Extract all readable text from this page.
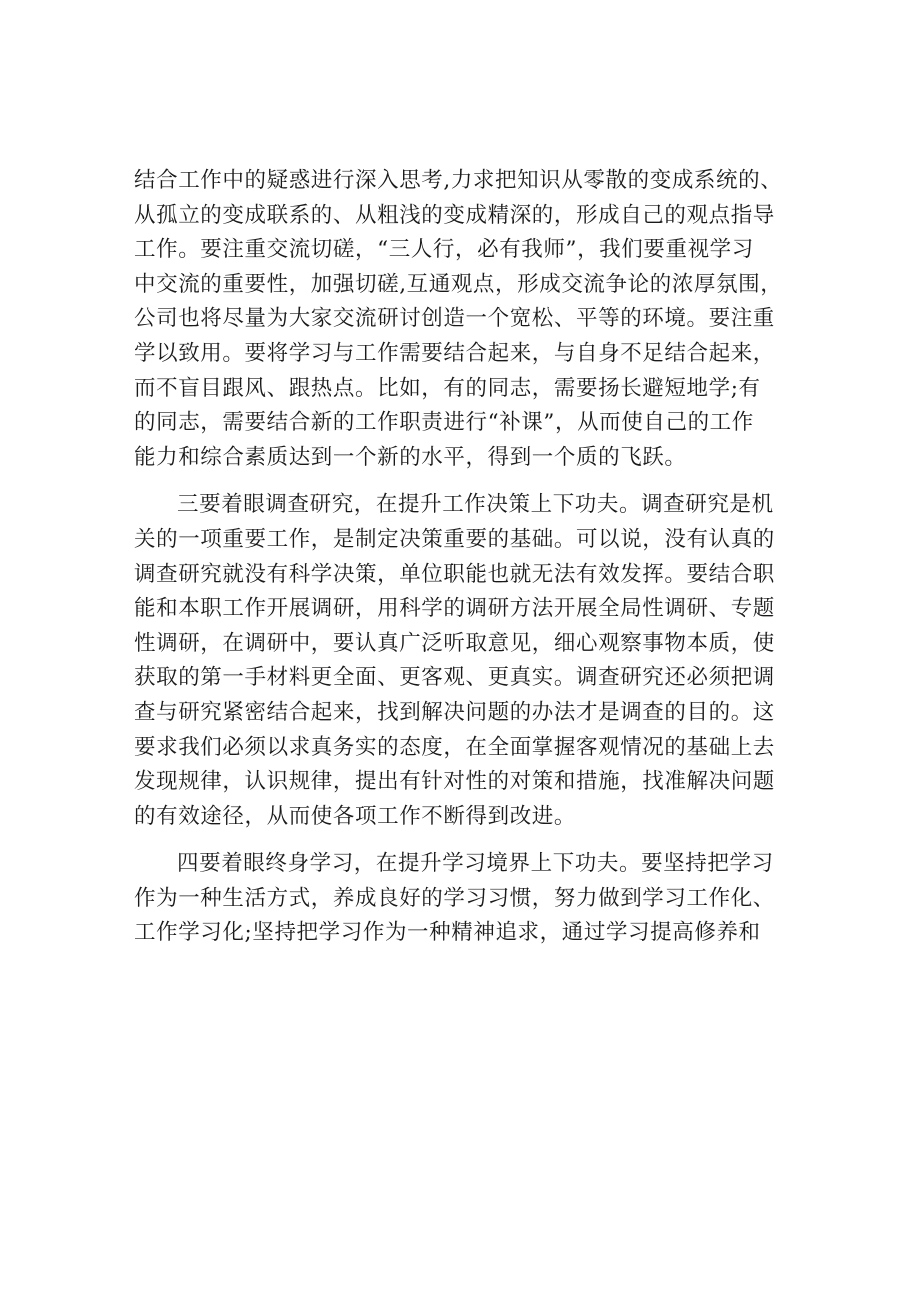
结合工作中的疑惑进行深入思考,力求把知识从零散的变成系统的、
从孤立的变成联系的、从粗浅的变成精深的，形成自己的观点指导
工作。要注重交流切磋，“三人行，必有我师”，我们要重视学习
中交流的重要性，加强切磋,互通观点，形成交流争论的浓厚氛围，
公司也将尽量为大家交流研讨创造一个宽松、平等的环境。要注重
学以致用。要将学习与工作需要结合起来，与自身不足结合起来，
而不盲目跟风、跟热点。比如，有的同志，需要扬长避短地学;有
的同志，需要结合新的工作职责进行“补课”，从而使自己的工作
能力和综合素质达到一个新的水平，得到一个质的飞跃。
三要着眼调查研究，在提升工作决策上下功夫。调查研究是机
关的一项重要工作，是制定决策重要的基础。可以说，没有认真的
调查研究就没有科学决策，单位职能也就无法有效发挥。要结合职
能和本职工作开展调研，用科学的调研方法开展全局性调研、专题
性调研，在调研中，要认真广泛听取意见，细心观察事物本质，使
获取的第一手材料更全面、更客观、更真实。调查研究还必须把调
查与研究紧密结合起来，找到解决问题的办法才是调查的目的。这
要求我们必须以求真务实的态度，在全面掌握客观情况的基础上去
发现规律，认识规律，提出有针对性的对策和措施，找准解决问题
的有效途径，从而使各项工作不断得到改进。
四要着眼终身学习，在提升学习境界上下功夫。要坚持把学习
作为一种生活方式，养成良好的学习习惯，努力做到学习工作化、
工作学习化;坚持把学习作为一种精神追求，通过学习提高修养和
